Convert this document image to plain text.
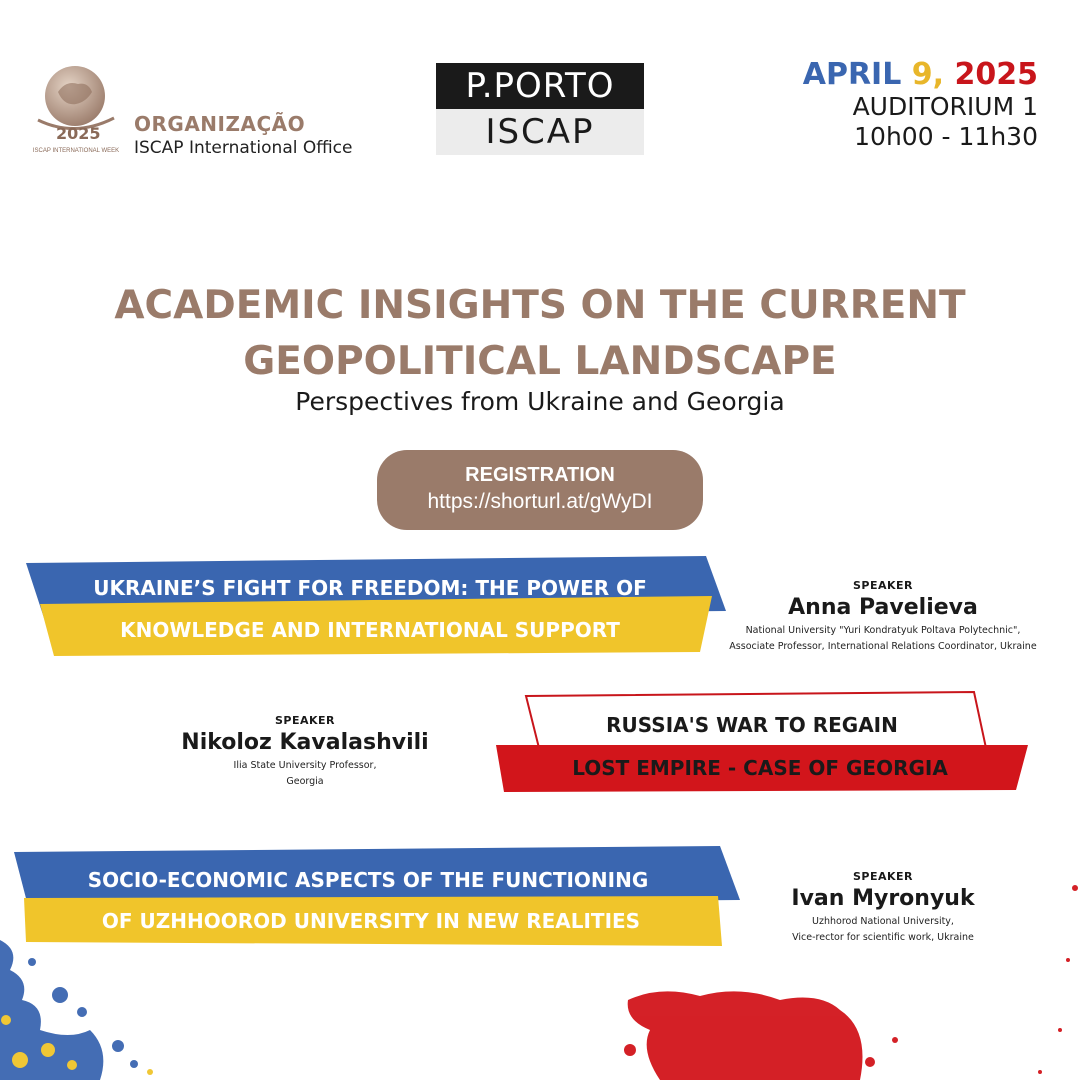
2025
ISCAP INTERNATIONAL WEEK
ORGANIZAÇÃO
ISCAP International Office
P.PORTO
ISCAP
APRIL 9, 2025
AUDITORIUM 1
10h00 - 11h30
ACADEMIC INSIGHTS ON THE CURRENT
GEOPOLITICAL LANDSCAPE
Perspectives from Ukraine and Georgia
REGISTRATION
https://shorturl.at/gWyDI
UKRAINE’S FIGHT FOR FREEDOM: THE POWER OF
KNOWLEDGE AND INTERNATIONAL SUPPORT
SPEAKER
Anna Pavelieva
National University "Yuri Kondratyuk Poltava Polytechnic",
Associate Professor, International Relations Coordinator, Ukraine
RUSSIA'S WAR TO REGAIN
LOST EMPIRE - CASE OF GEORGIA
SPEAKER
Nikoloz Kavalashvili
Ilia State University Professor,
Georgia
SOCIO-ECONOMIC ASPECTS OF THE FUNCTIONING
OF UZHHOOROD UNIVERSITY IN NEW REALITIES
SPEAKER
Ivan Myronyuk
Uzhhorod National University,
Vice-rector for scientific work, Ukraine
